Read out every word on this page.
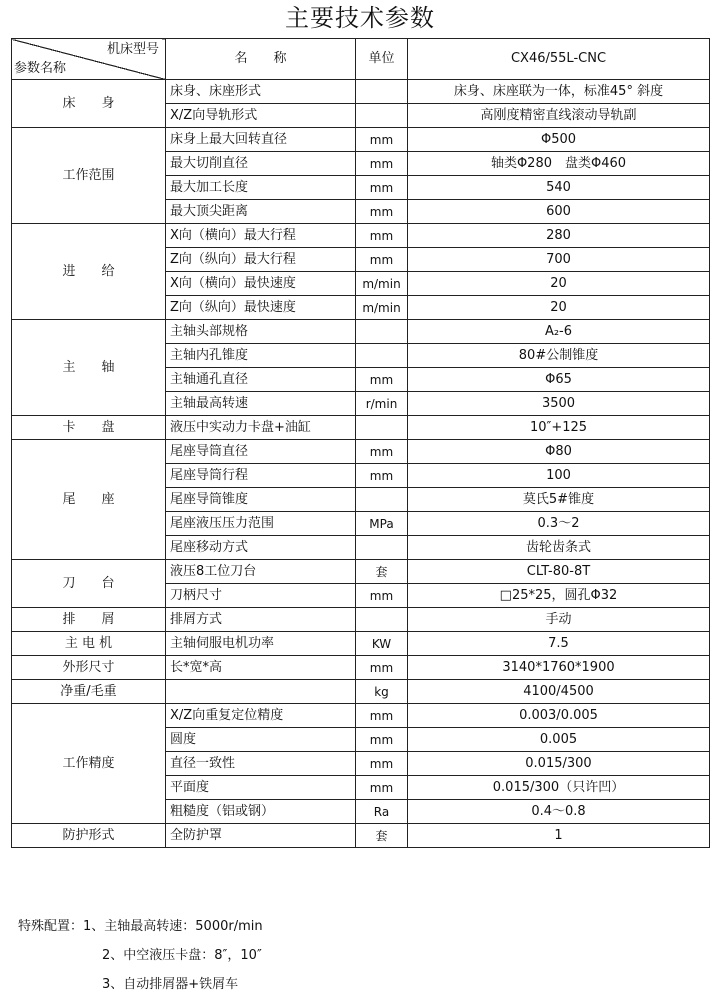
主要技术参数
机床型号
参数名称	名　　称	单位	CX46/55L-CNC
床　　身	床身、床座形式		床身、床座联为一体，标准45° 斜度
	X/Z向导轨形式		高刚度精密直线滚动导轨副
工作范围	床身上最大回转直径	mm	Φ500
	最大切削直径	mm	轴类Φ280　盘类Φ460
	最大加工长度	mm	540
	最大顶尖距离	mm	600
进　　给	X向（横向）最大行程	mm	280
	Z向（纵向）最大行程	mm	700
	X向（横向）最快速度	m/min	20
	Z向（纵向）最快速度	m/min	20
主　　轴	主轴头部规格		A₂-6
	主轴内孔锥度		80#公制锥度
	主轴通孔直径	mm	Φ65
	主轴最高转速	r/min	3500
卡　　盘	液压中实动力卡盘+油缸		10″+125
尾　　座	尾座导筒直径	mm	Φ80
	尾座导筒行程	mm	100
	尾座导筒锥度		莫氏5#锥度
	尾座液压压力范围	MPa	0.3～2
	尾座移动方式		齿轮齿条式
刀　　台	液压8工位刀台	套	CLT-80-8T
	刀柄尺寸	mm	□25*25，圆孔Φ32
排　　屑	排屑方式		手动
主 电 机	主轴伺服电机功率	KW	7.5
外形尺寸	长*宽*高	mm	3140*1760*1900
净重/毛重		kg	4100/4500
工作精度	X/Z向重复定位精度	mm	0.003/0.005
	圆度	mm	0.005
	直径一致性	mm	0.015/300
	平面度	mm	0.015/300（只许凹）
	粗糙度（铝或钢）	Ra	0.4～0.8
防护形式	全防护罩	套	1
特殊配置：1、主轴最高转速：5000r/min
2、中空液压卡盘：8″，10″
3、自动排屑器+铁屑车
